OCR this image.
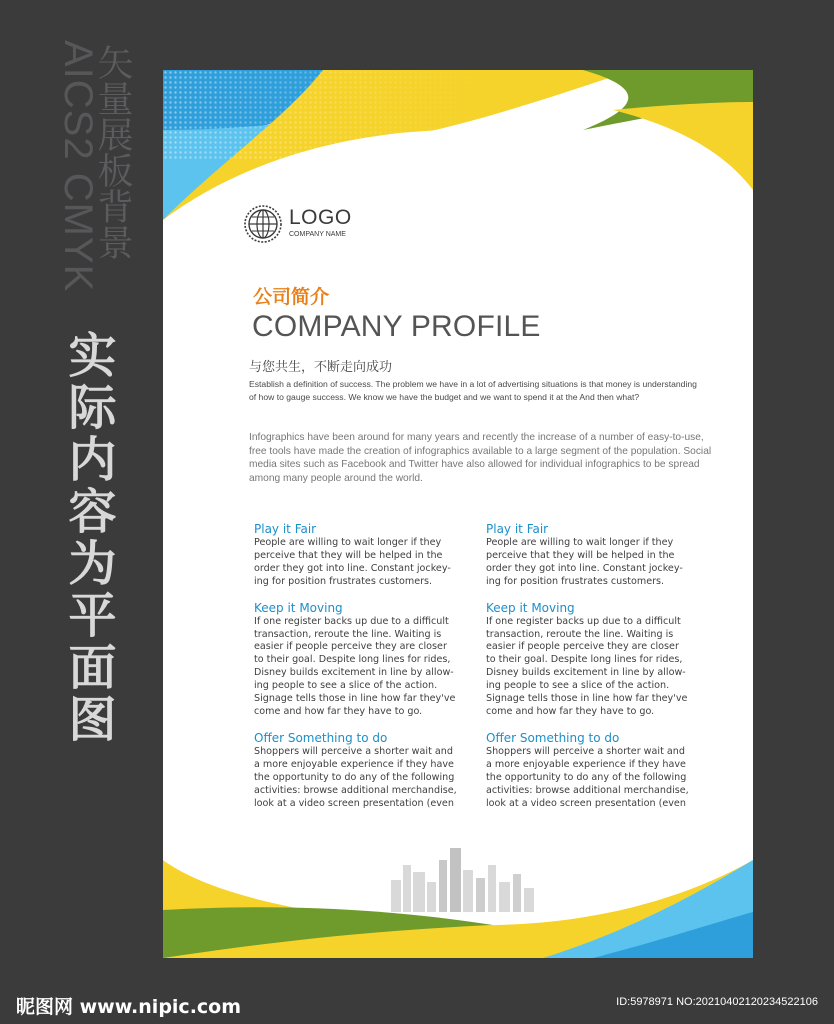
AICS2 CMYK
矢量展板背景
实际内容为平面图
LOGO
COMPANY NAME
公司简介
COMPANY PROFILE
与您共生，不断走向成功
Establish a definition of success. The problem we have in a lot of advertising situations is that money is understanding of how to gauge success. We know we have the budget and we want to spend it at the And then what?
Infographics have been around for many years and recently the increase of a number of easy-to-use, free tools have made the creation of infographics available to a large segment of the population. Social media sites such as Facebook and Twitter have also allowed for individual infographics to be spread among many people around the world.

Play it Fair

People are willing to wait longer if they
perceive that they will be helped in the
order they got into line. Constant jockey-
ing for position frustrates customers.

Keep it Moving

If one register backs up due to a difficult
transaction, reroute the line. Waiting is
easier if people perceive they are closer
to their goal. Despite long lines for rides,
Disney builds excitement in line by allow-
ing people to see a slice of the action.
Signage tells those in line how far they've
come and how far they have to go.

Offer Something to do

Shoppers will perceive a shorter wait and
a more enjoyable experience if they have
the opportunity to do any of the following
activities: browse additional merchandise,
look at a video screen presentation (even

Play it Fair

People are willing to wait longer if they
perceive that they will be helped in the
order they got into line. Constant jockey-
ing for position frustrates customers.

Keep it Moving

If one register backs up due to a difficult
transaction, reroute the line. Waiting is
easier if people perceive they are closer
to their goal. Despite long lines for rides,
Disney builds excitement in line by allow-
ing people to see a slice of the action.
Signage tells those in line how far they've
come and how far they have to go.

Offer Something to do

Shoppers will perceive a shorter wait and
a more enjoyable experience if they have
the opportunity to do any of the following
activities: browse additional merchandise,
look at a video screen presentation (even

昵图网 www.nipic.com	ID:5978971 NO:20210402120234522106
